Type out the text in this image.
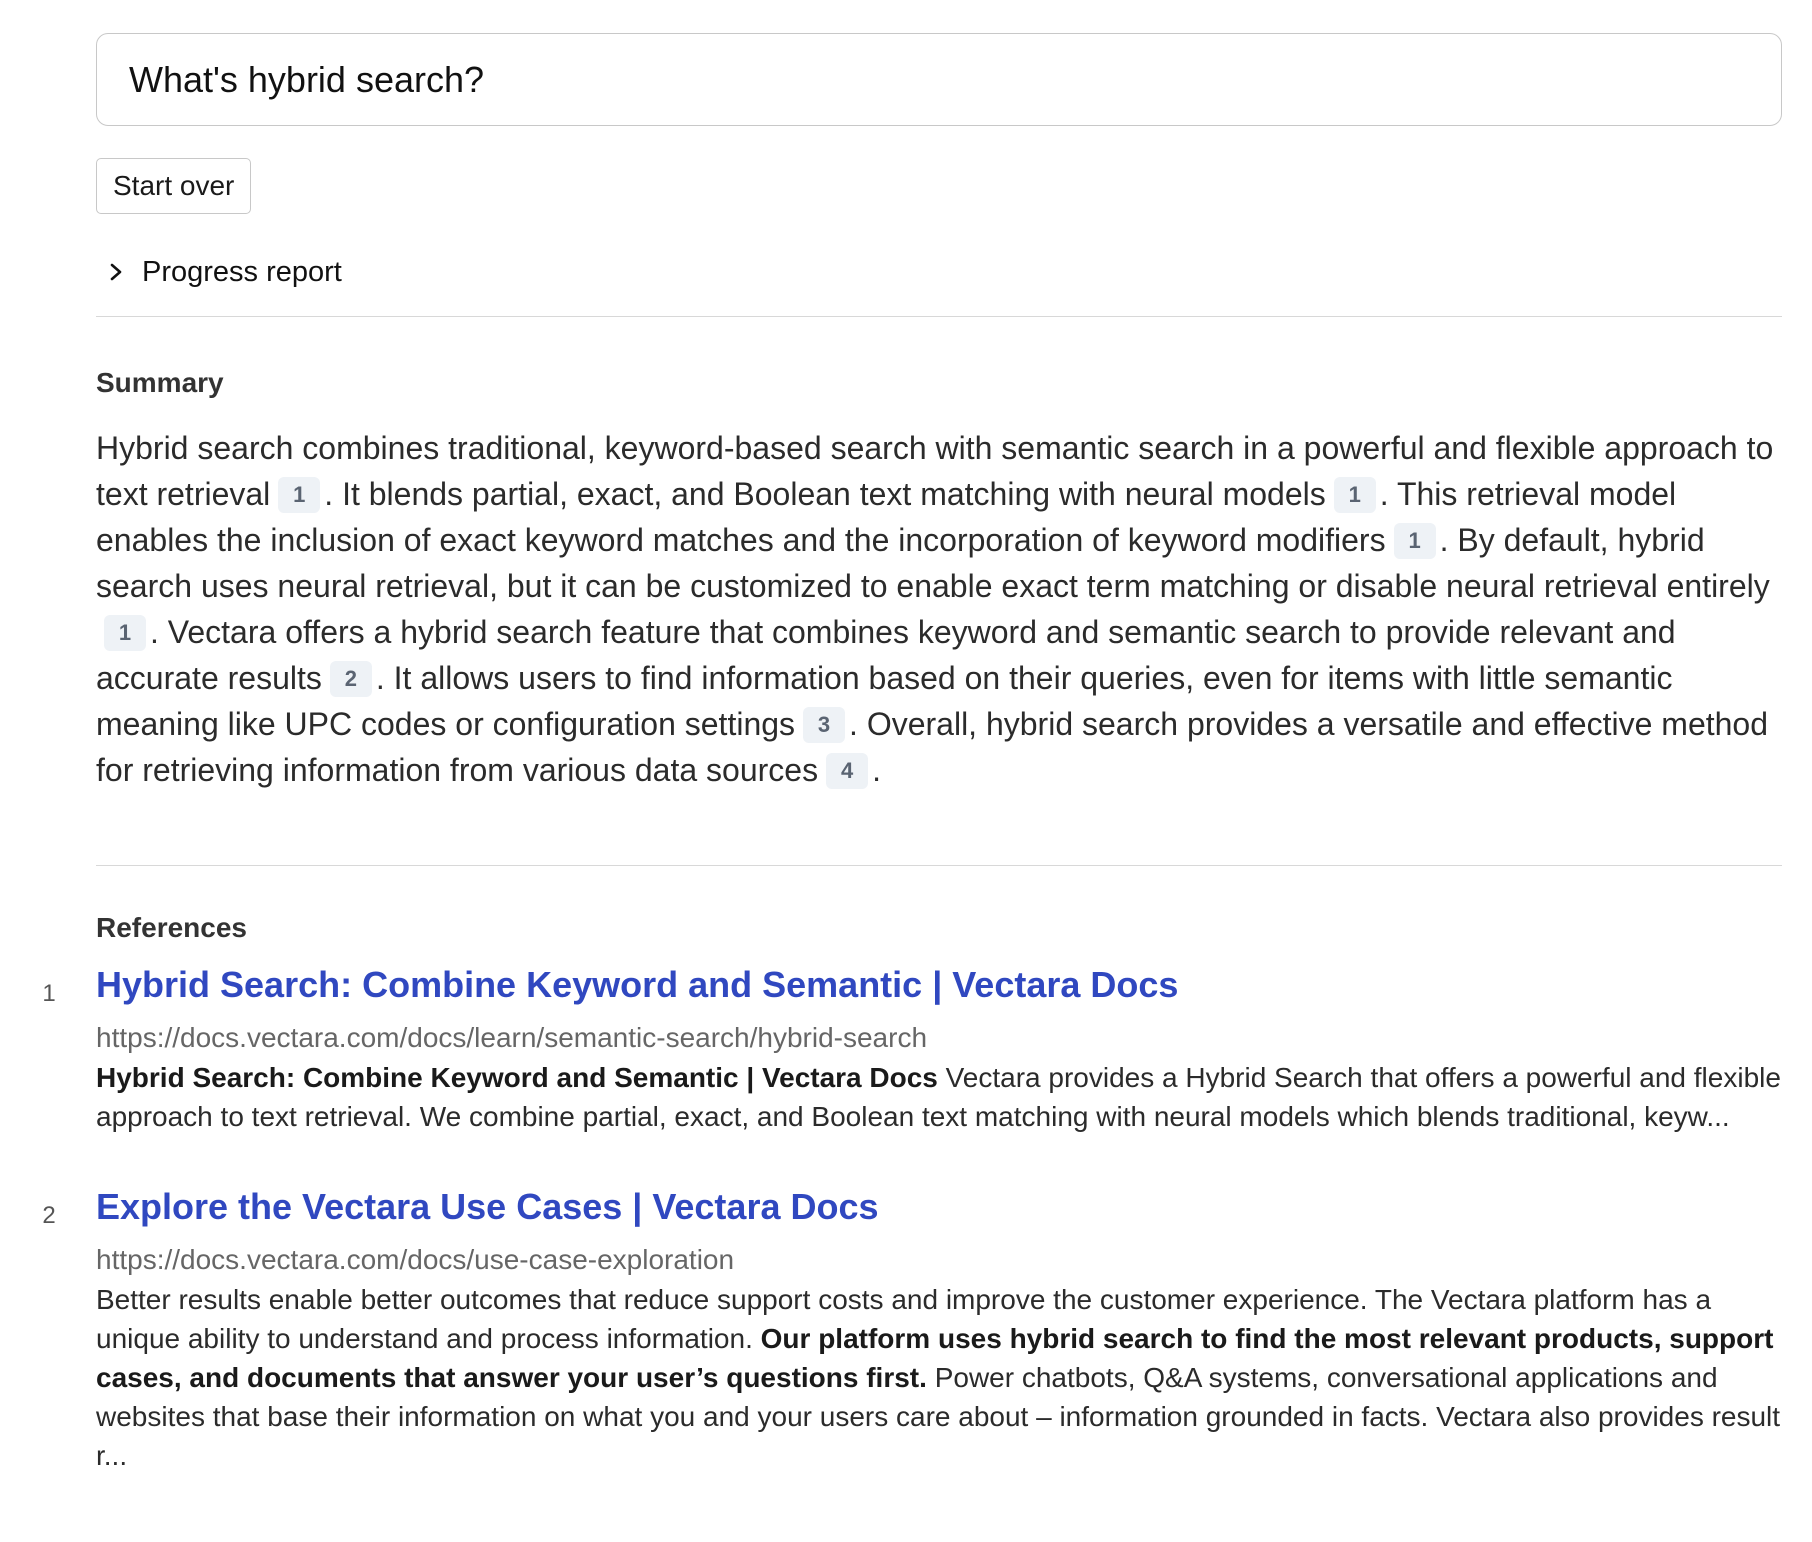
What's hybrid search?
Start over
Progress report
Summary
Hybrid search combines traditional, keyword-based search with semantic search in a powerful and flexible approach to text retrieval 1 . It blends partial, exact, and Boolean text matching with neural models 1 . This retrieval model enables the inclusion of exact keyword matches and the incorporation of keyword modifiers 1 . By default, hybrid search uses neural retrieval, but it can be customized to enable exact term matching or disable neural retrieval entirely1 . Vectara offers a hybrid search feature that combines keyword and semantic search to provide relevant and accurate results 2 . It allows users to find information based on their queries, even for items with little semantic meaning like UPC codes or configuration settings 3 . Overall, hybrid search provides a versatile and effective method for retrieving information from various data sources 4 .
References
1 Hybrid Search: Combine Keyword and Semantic | Vectara Docs
https://docs.vectara.com/docs/learn/semantic-search/hybrid-search
Hybrid Search: Combine Keyword and Semantic | Vectara Docs Vectara provides a Hybrid Search that offers a powerful and flexible approach to text retrieval. We combine partial, exact, and Boolean text matching with neural models which blends traditional, keyw...
2 Explore the Vectara Use Cases | Vectara Docs
https://docs.vectara.com/docs/use-case-exploration
Better results enable better outcomes that reduce support costs and improve the customer experience. The Vectara platform has a unique ability to understand and process information. Our platform uses hybrid search to find the most relevant products, support cases, and documents that answer your user’s questions first. Power chatbots, Q&A systems, conversational applications and websites that base their information on what you and your users care about – information grounded in facts. Vectara also provides result r...
